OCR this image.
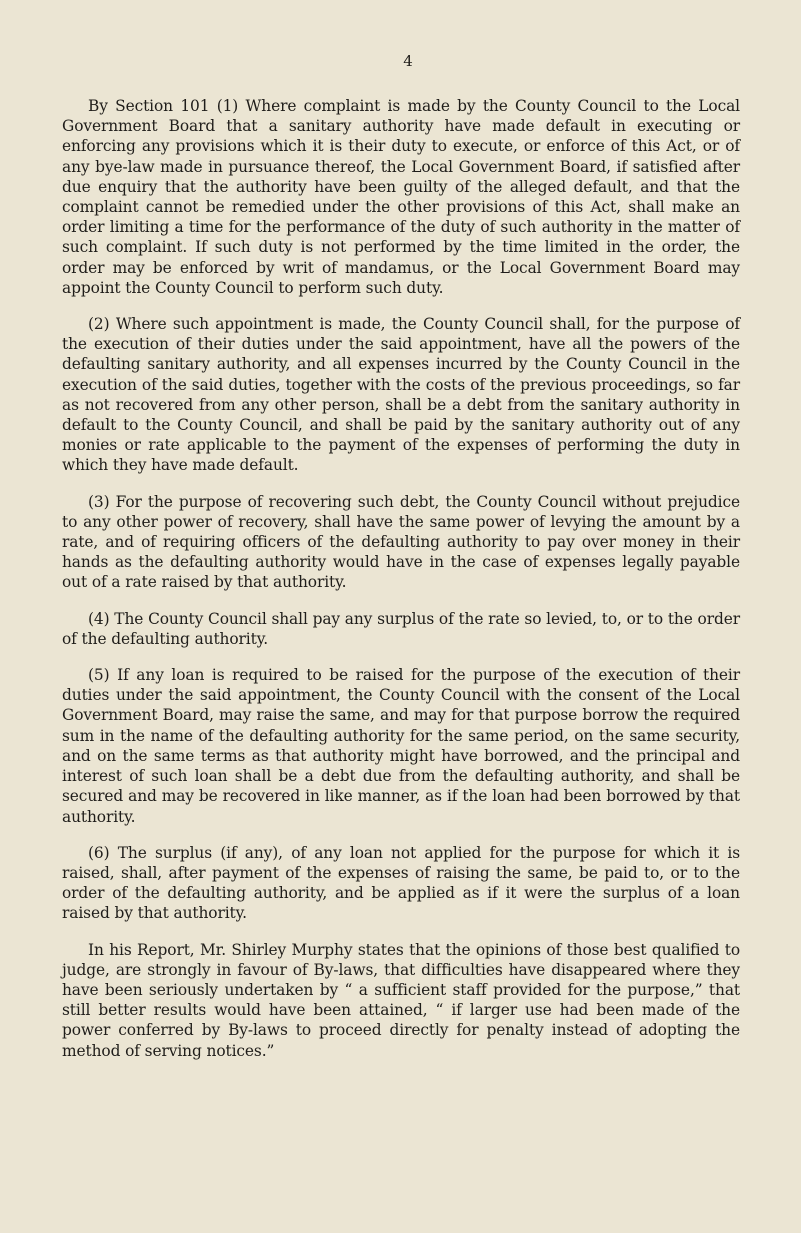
4

By Section 101 (1) Where complaint is made by the County Council to the Local Government Board that a sanitary authority have made default in executing or enforcing any provisions which it is their duty to execute, or enforce of this Act, or of any bye-law made in pursuance thereof, the Local Government Board, if satisfied after due enquiry that the authority have been guilty of the alleged default, and that the complaint cannot be remedied under the other provisions of this Act, shall make an order limiting a time for the performance of the duty of such authority in the matter of such complaint. If such duty is not performed by the time limited in the order, the order may be enforced by writ of mandamus, or the Local Government Board may appoint the County Council to perform such duty.

(2) Where such appointment is made, the County Council shall, for the purpose of the execution of their duties under the said appointment, have all the powers of the defaulting sanitary authority, and all expenses incurred by the County Council in the execution of the said duties, together with the costs of the previous proceedings, so far as not recovered from any other person, shall be a debt from the sanitary authority in default to the County Council, and shall be paid by the sanitary authority out of any monies or rate applicable to the payment of the expenses of performing the duty in which they have made default.

(3) For the purpose of recovering such debt, the County Council without prejudice to any other power of recovery, shall have the same power of levying the amount by a rate, and of requiring officers of the defaulting authority to pay over money in their hands as the defaulting authority would have in the case of expenses legally payable out of a rate raised by that authority.

(4) The County Council shall pay any surplus of the rate so levied, to, or to the order of the defaulting authority.

(5) If any loan is required to be raised for the purpose of the execution of their duties under the said appointment, the County Council with the consent of the Local Government Board, may raise the same, and may for that purpose borrow the required sum in the name of the defaulting authority for the same period, on the same security, and on the same terms as that authority might have borrowed, and the principal and interest of such loan shall be a debt due from the defaulting authority, and shall be secured and may be recovered in like manner, as if the loan had been borrowed by that authority.

(6) The surplus (if any), of any loan not applied for the purpose for which it is raised, shall, after payment of the expenses of raising the same, be paid to, or to the order of the defaulting authority, and be applied as if it were the surplus of a loan raised by that authority.

In his Report, Mr. Shirley Murphy states that the opinions of those best qualified to judge, are strongly in favour of By-laws, that difficulties have disappeared where they have been seriously undertaken by “ a sufficient staff provided for the purpose,” that still better results would have been attained, “ if larger use had been made of the power conferred by By-laws to proceed directly for penalty instead of adopting the method of serving notices.”
